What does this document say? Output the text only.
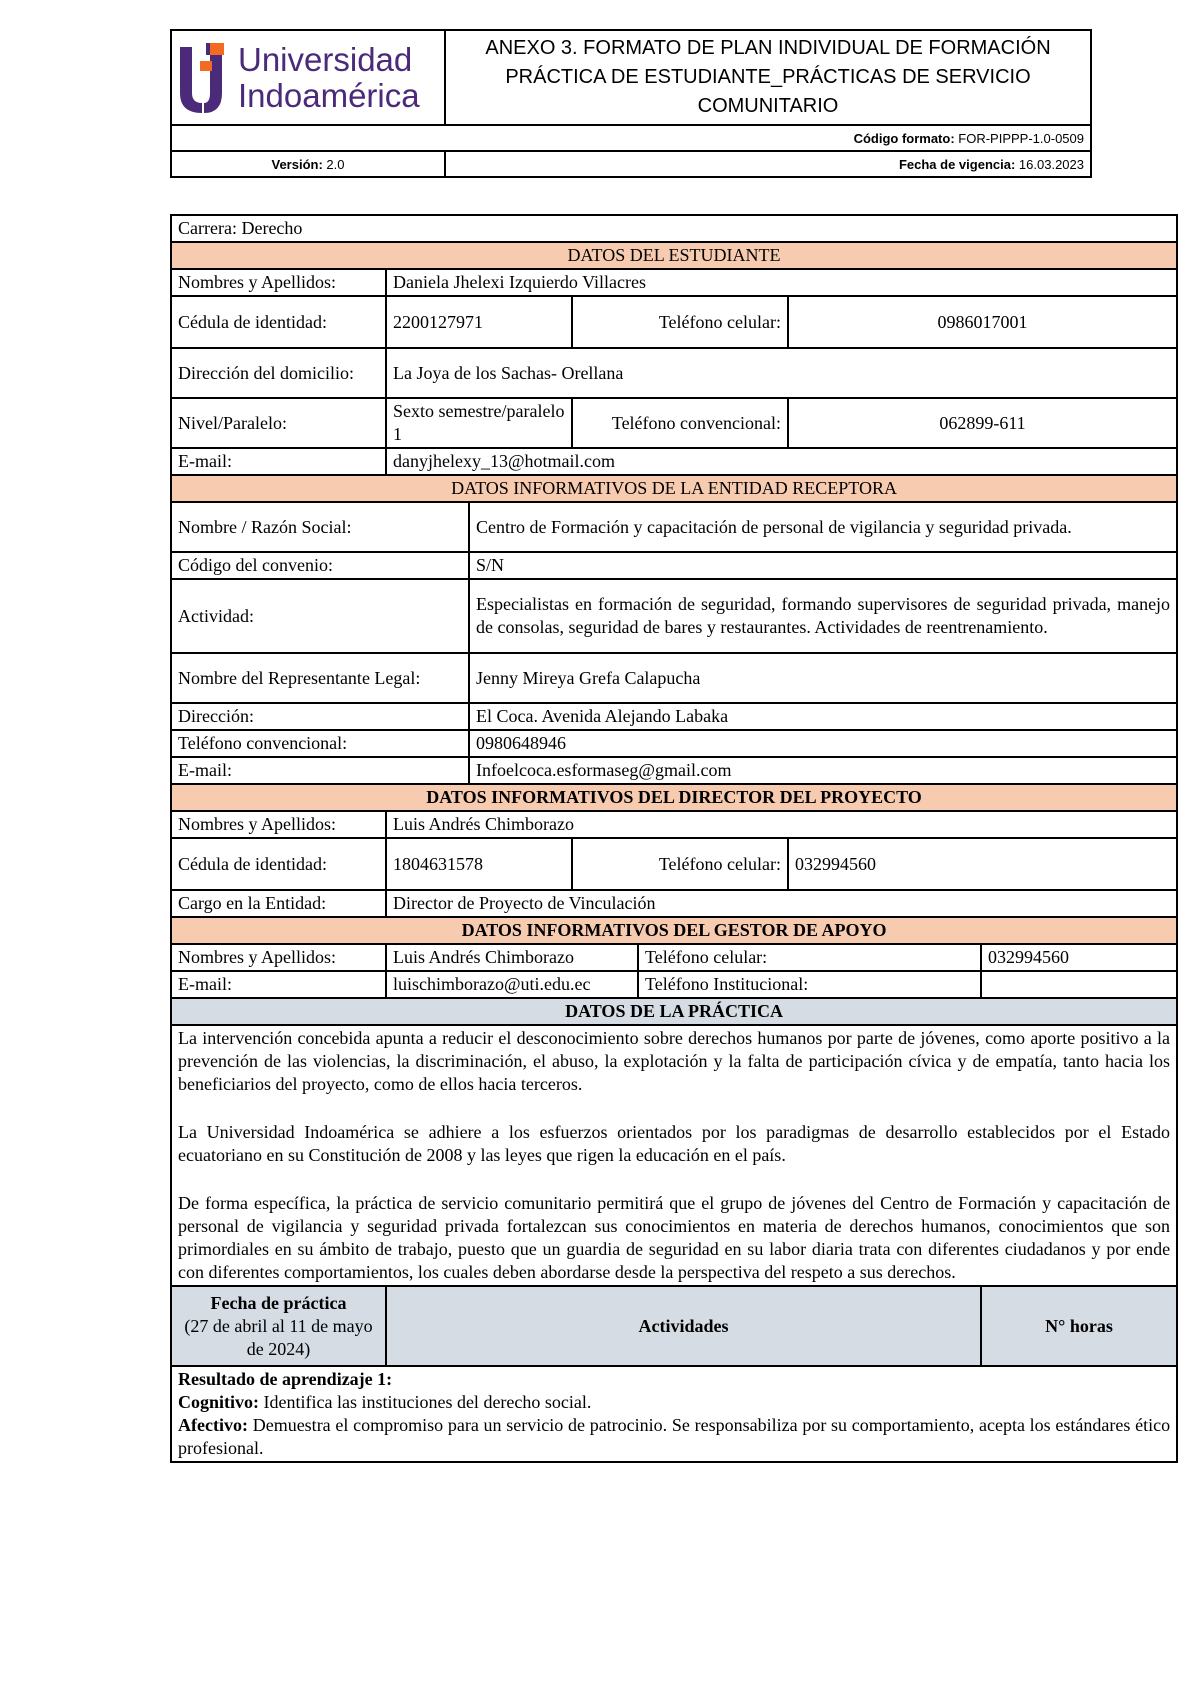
Universidad
Indoamérica	ANEXO 3. FORMATO DE PLAN INDIVIDUAL DE FORMACIÓN PRÁCTICA DE ESTUDIANTE_PRÁCTICAS DE SERVICIO COMUNITARIO
Código formato: FOR-PIPPP-1.0-0509	
Versión: 2.0	Fecha de vigencia: 16.03.2023
Carrera: Derecho						
DATOS DEL ESTUDIANTE						
Nombres y Apellidos:	Daniela Jhelexi Izquierdo Villacres					
Cédula de identidad:	2200127971		Teléfono celular:		0986017001	
Dirección del domicilio:	La Joya de los Sachas- Orellana					
Nivel/Paralelo:	Sexto semestre/paralelo 1		Teléfono convencional:		062899-611	
E-mail:	danyjhelexy_13@hotmail.com					
DATOS INFORMATIVOS DE LA ENTIDAD RECEPTORA						
Nombre / Razón Social:		Centro de Formación y capacitación de personal de vigilancia y seguridad privada.				
Código del convenio:		S/N				
Actividad:		Especialistas en formación de seguridad, formando supervisores de seguridad privada, manejo de consolas, seguridad de bares y restaurantes. Actividades de reentrenamiento.				
Nombre del Representante Legal:		Jenny Mireya Grefa Calapucha				
Dirección:		El Coca. Avenida Alejando Labaka				
Teléfono convencional:		0980648946				
E-mail:		Infoelcoca.esformaseg@gmail.com				
DATOS INFORMATIVOS DEL DIRECTOR DEL PROYECTO						
Nombres y Apellidos:	Luis Andrés Chimborazo					
Cédula de identidad:	1804631578		Teléfono celular:		032994560	
Cargo en la Entidad:	Director de Proyecto de Vinculación					
DATOS INFORMATIVOS DEL GESTOR DE APOYO						
Nombres y Apellidos:	Luis Andrés Chimborazo			Teléfono celular:		032994560
E-mail:	luischimborazo@uti.edu.ec			Teléfono Institucional:		
DATOS DE LA PRÁCTICA						

La intervención concebida apunta a reducir el desconocimiento sobre derechos humanos por parte de jóvenes, como aporte positivo a la prevención de las violencias, la discriminación, el abuso, la explotación y la falta de participación cívica y de empatía, tanto hacia los beneficiarios del proyecto, como de ellos hacia terceros.

La Universidad Indoamérica se adhiere a los esfuerzos orientados por los paradigmas de desarrollo establecidos por el Estado ecuatoriano en su Constitución de 2008 y las leyes que rigen la educación en el país.

De forma específica, la práctica de servicio comunitario permitirá que el grupo de jóvenes del Centro de Formación y capacitación de personal de vigilancia y seguridad privada fortalezcan sus conocimientos en materia de derechos humanos, conocimientos que son primordiales en su ámbito de trabajo, puesto que un guardia de seguridad en su labor diaria trata con diferentes ciudadanos y por ende con diferentes comportamientos, los cuales deben abordarse desde la perspectiva del respeto a sus derechos.						

Fecha de práctica
(27 de abril al 11 de mayo de 2024)	Actividades					N° horas

Resultado de aprendizaje 1:
Cognitivo: Identifica las instituciones del derecho social.
Afectivo: Demuestra el compromiso para un servicio de patrocinio. Se responsabiliza por su comportamiento, acepta los estándares ético profesional.						
